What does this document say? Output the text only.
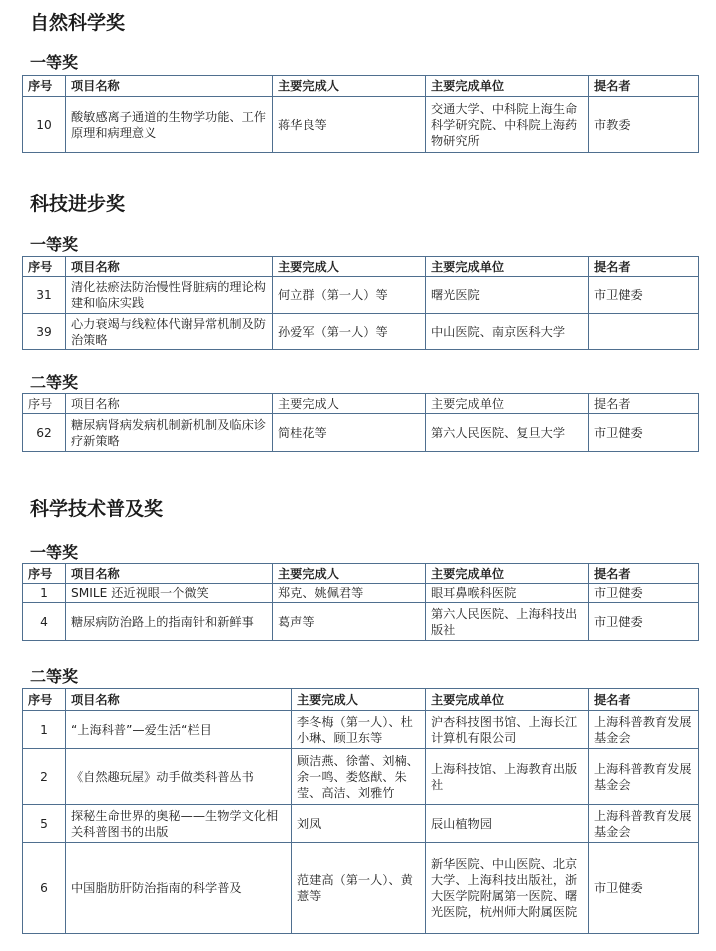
自然科学奖
一等奖
序号	项目名称	主要完成人	主要完成单位	提名者
10	酸敏感离子通道的生物学功能、工作原理和病理意义	蒋华良等	交通大学、中科院上海生命科学研究院、中科院上海药物研究所	市教委
科技进步奖
一等奖
序号	项目名称	主要完成人	主要完成单位	提名者
31	清化祛瘀法防治慢性肾脏病的理论构建和临床实践	何立群（第一人）等	曙光医院	市卫健委
39	心力衰竭与线粒体代谢异常机制及防治策略	孙爱军（第一人）等	中山医院、南京医科大学	
二等奖
序号	项目名称	主要完成人	主要完成单位	提名者
62	糖尿病肾病发病机制新机制及临床诊疗新策略	简桂花等	第六人民医院、复旦大学	市卫健委
科学技术普及奖
一等奖
序号	项目名称	主要完成人	主要完成单位	提名者
1	SMILE 还近视眼一个微笑	郑克、姚佩君等	眼耳鼻喉科医院	市卫健委
4	糖尿病防治路上的指南针和新鲜事	葛声等	第六人民医院、上海科技出版社	市卫健委
二等奖
序号	项目名称	主要完成人	主要完成单位	提名者
1	“上海科普”—爱生活“栏目	李冬梅（第一人）、杜小琳、顾卫东等	沪杏科技图书馆、上海长江计算机有限公司	上海科普教育发展基金会
2	《自然趣玩屋》动手做类科普丛书	顾洁燕、徐蕾、刘楠、余一鸣、娄悠猷、朱莹、高洁、刘雅竹	上海科技馆、上海教育出版社	上海科普教育发展基金会
5	探秘生命世界的奥秘——生物学文化相关科普图书的出版	刘凤	辰山植物园	上海科普教育发展基金会
6	中国脂肪肝防治指南的科学普及	范建高（第一人）、黄薏等	新华医院、中山医院、北京大学、上海科技出版社，浙大医学院附属第一医院、曙光医院，杭州师大附属医院	市卫健委
